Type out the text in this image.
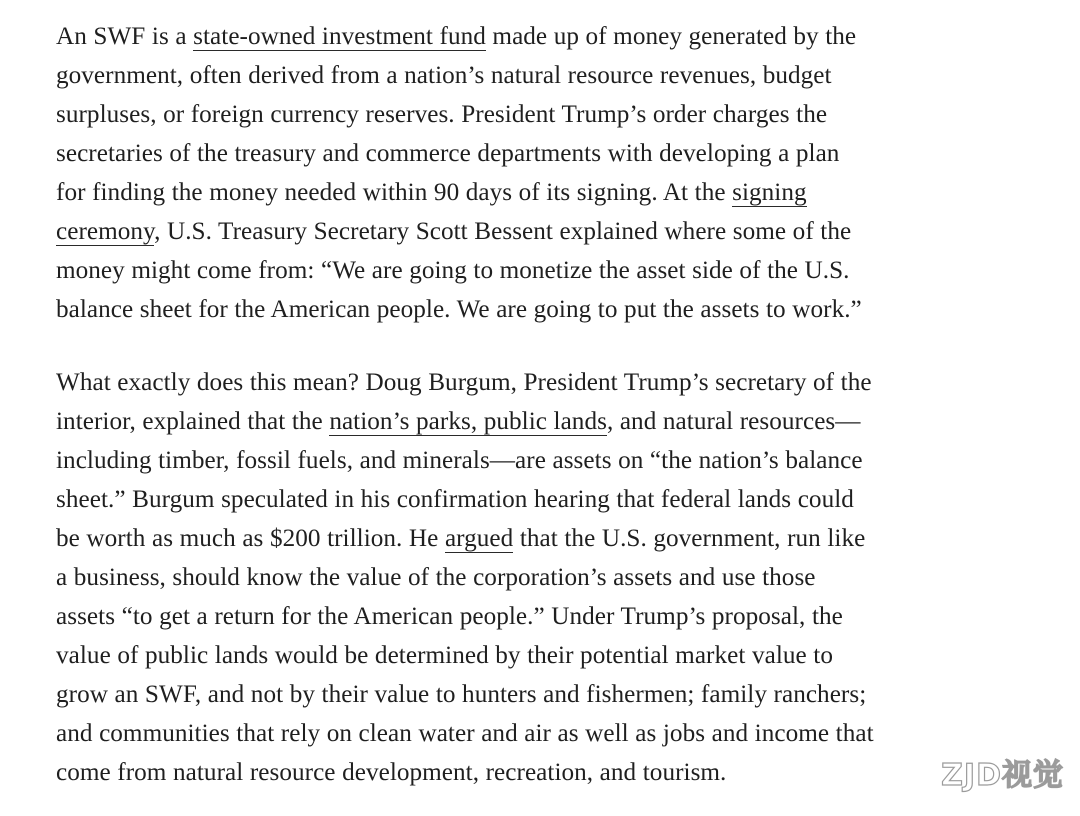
An SWF is a state-owned investment fund made up of money generated by the
government, often derived from a nation’s natural resource revenues, budget
surpluses, or foreign currency reserves. President Trump’s order charges the
secretaries of the treasury and commerce departments with developing a plan
for finding the money needed within 90 days of its signing. At the signing
ceremony, U.S. Treasury Secretary Scott Bessent explained where some of the
money might come from: “We are going to monetize the asset side of the U.S.
balance sheet for the American people. We are going to put the assets to work.”

What exactly does this mean? Doug Burgum, President Trump’s secretary of the
interior, explained that the nation’s parks, public lands, and natural resources—
including timber, fossil fuels, and minerals—are assets on “the nation’s balance
sheet.” Burgum speculated in his confirmation hearing that federal lands could
be worth as much as $200 trillion. He argued that the U.S. government, run like
a business, should know the value of the corporation’s assets and use those
assets “to get a return for the American people.” Under Trump’s proposal, the
value of public lands would be determined by their potential market value to
grow an SWF, and not by their value to hunters and fishermen; family ranchers;
and communities that rely on clean water and air as well as jobs and income that
come from natural resource development, recreation, and tourism.	ZJD视觉
